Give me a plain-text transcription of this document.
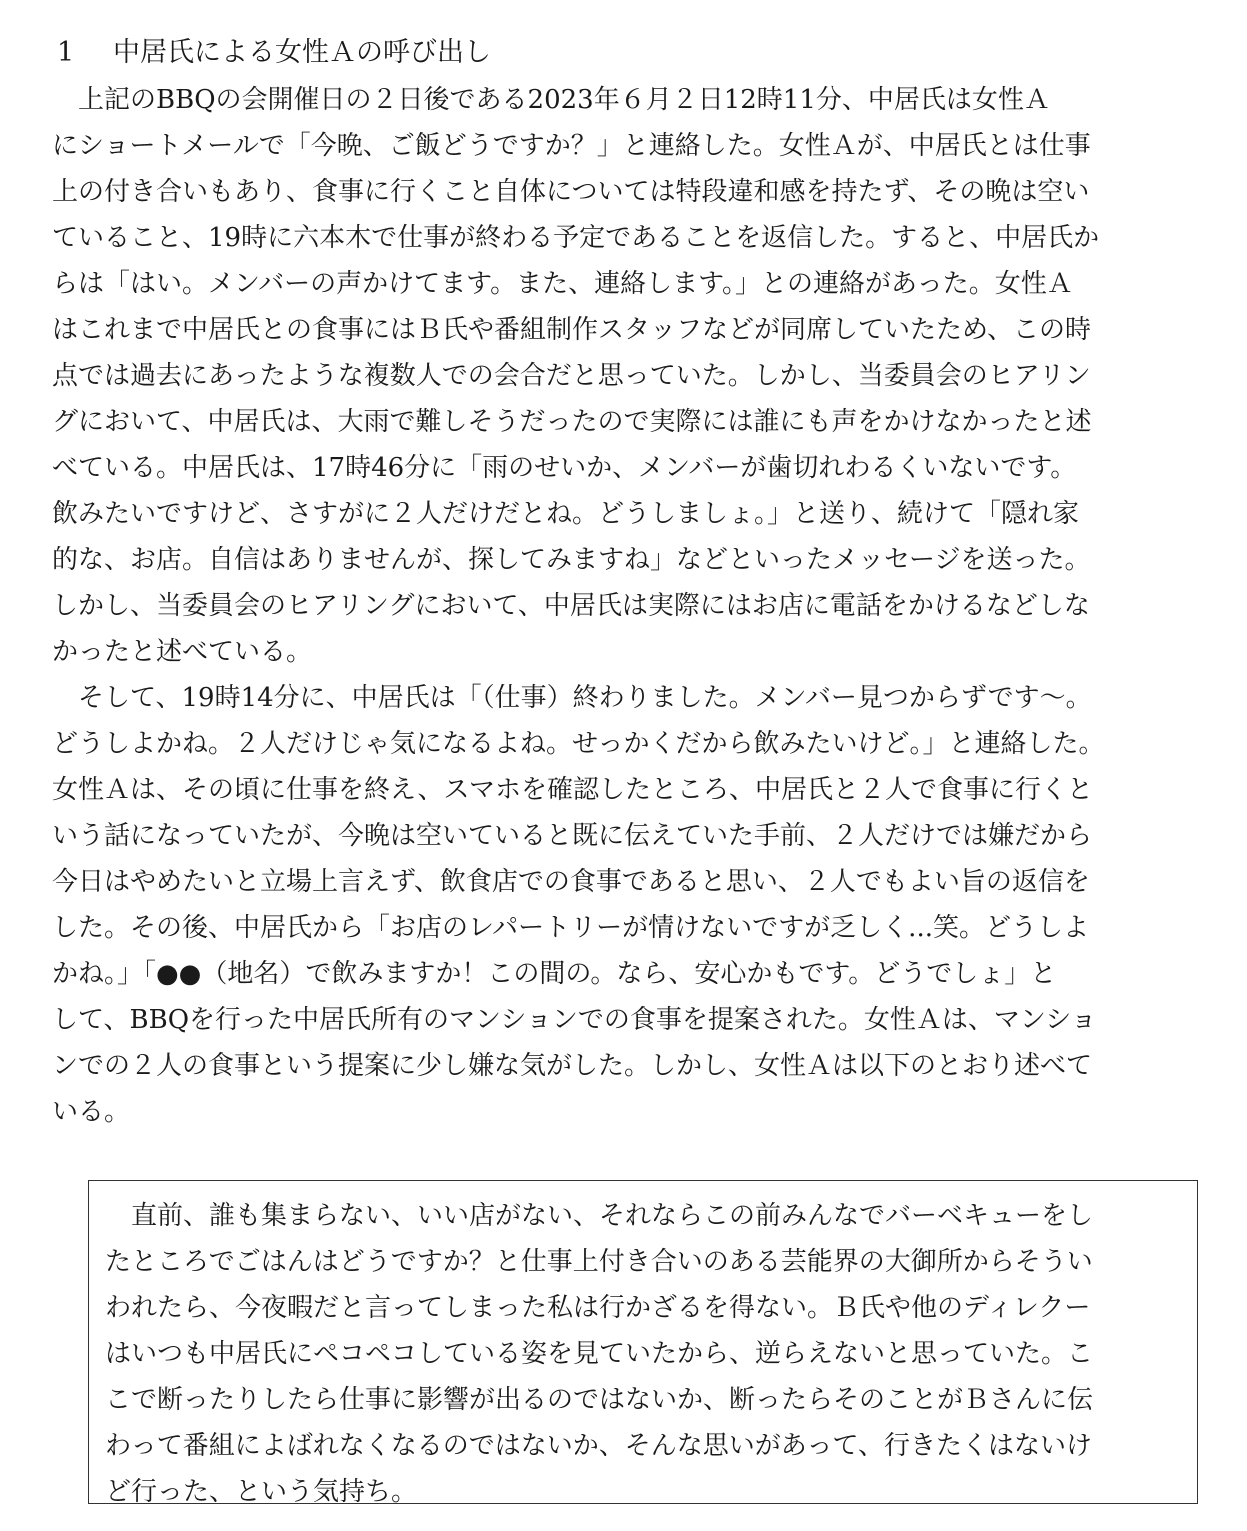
1 中居氏による女性Ａの呼び出し

　上記のBBQの会開催日の２日後である2023年６月２日12時11分、中居氏は女性Ａ
にショートメールで「今晩、ご飯どうですか？」と連絡した。女性Ａが、中居氏とは仕事
上の付き合いもあり、食事に行くこと自体については特段違和感を持たず、その晩は空い
ていること、19時に六本木で仕事が終わる予定であることを返信した。すると、中居氏か
らは「はい。メンバーの声かけてます。また、連絡します。」との連絡があった。女性Ａ
はこれまで中居氏との食事にはＢ氏や番組制作スタッフなどが同席していたため、この時
点では過去にあったような複数人での会合だと思っていた。しかし、当委員会のヒアリン
グにおいて、中居氏は、大雨で難しそうだったので実際には誰にも声をかけなかったと述
べている。中居氏は、17時46分に「雨のせいか、メンバーが歯切れわるくいないです。
飲みたいですけど、さすがに２人だけだとね。どうしましょ。」と送り、続けて「隠れ家
的な、お店。自信はありませんが、探してみますね」などといったメッセージを送った。
しかし、当委員会のヒアリングにおいて、中居氏は実際にはお店に電話をかけるなどしな
かったと述べている。

　そして、19時14分に、中居氏は「（仕事）終わりました。メンバー見つからずです〜。
どうしよかね。２人だけじゃ気になるよね。せっかくだから飲みたいけど。」と連絡した。
女性Ａは、その頃に仕事を終え、スマホを確認したところ、中居氏と２人で食事に行くと
いう話になっていたが、今晩は空いていると既に伝えていた手前、２人だけでは嫌だから
今日はやめたいと立場上言えず、飲食店での食事であると思い、２人でもよい旨の返信を
した。その後、中居氏から「お店のレパートリーが情けないですが乏しく...笑。どうしよ
かね。」「●●（地名）で飲みますか！この間の。なら、安心かもです。どうでしょ」と
して、BBQを行った中居氏所有のマンションでの食事を提案された。女性Ａは、マンショ
ンでの２人の食事という提案に少し嫌な気がした。しかし、女性Ａは以下のとおり述べて
いる。

　直前、誰も集まらない、いい店がない、それならこの前みんなでバーベキューをし
たところでごはんはどうですか？と仕事上付き合いのある芸能界の大御所からそうい
われたら、今夜暇だと言ってしまった私は行かざるを得ない。Ｂ氏や他のディレクー
はいつも中居氏にペコペコしている姿を見ていたから、逆らえないと思っていた。こ
こで断ったりしたら仕事に影響が出るのではないか、断ったらそのことがＢさんに伝
わって番組によばれなくなるのではないか、そんな思いがあって、行きたくはないけ
ど行った、という気持ち。
